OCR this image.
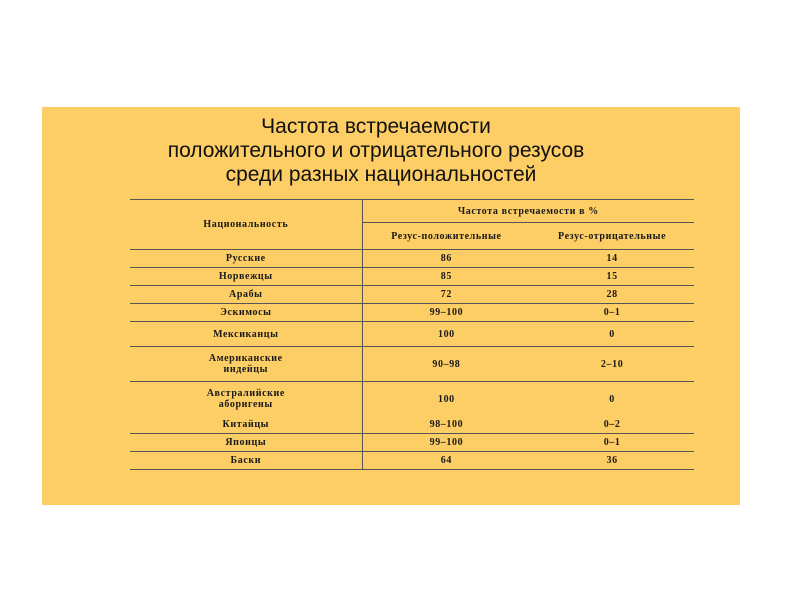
Частота встречаемости
положительного и отрицательного резусов
среди разных национальностей
Национальность	Частота встречаемости в %	
	Резус-положительные	Резус-отрицательные
Русские	86	14
Норвежцы	85	15
Арабы	72	28
Эскимосы	99–100	0–1
Мексиканцы	100	0
Американские индейцы	90–98	2–10
Австралийские аборигены	100	0
Китайцы	98–100	0–2
Японцы	99–100	0–1
Баски	64	36
